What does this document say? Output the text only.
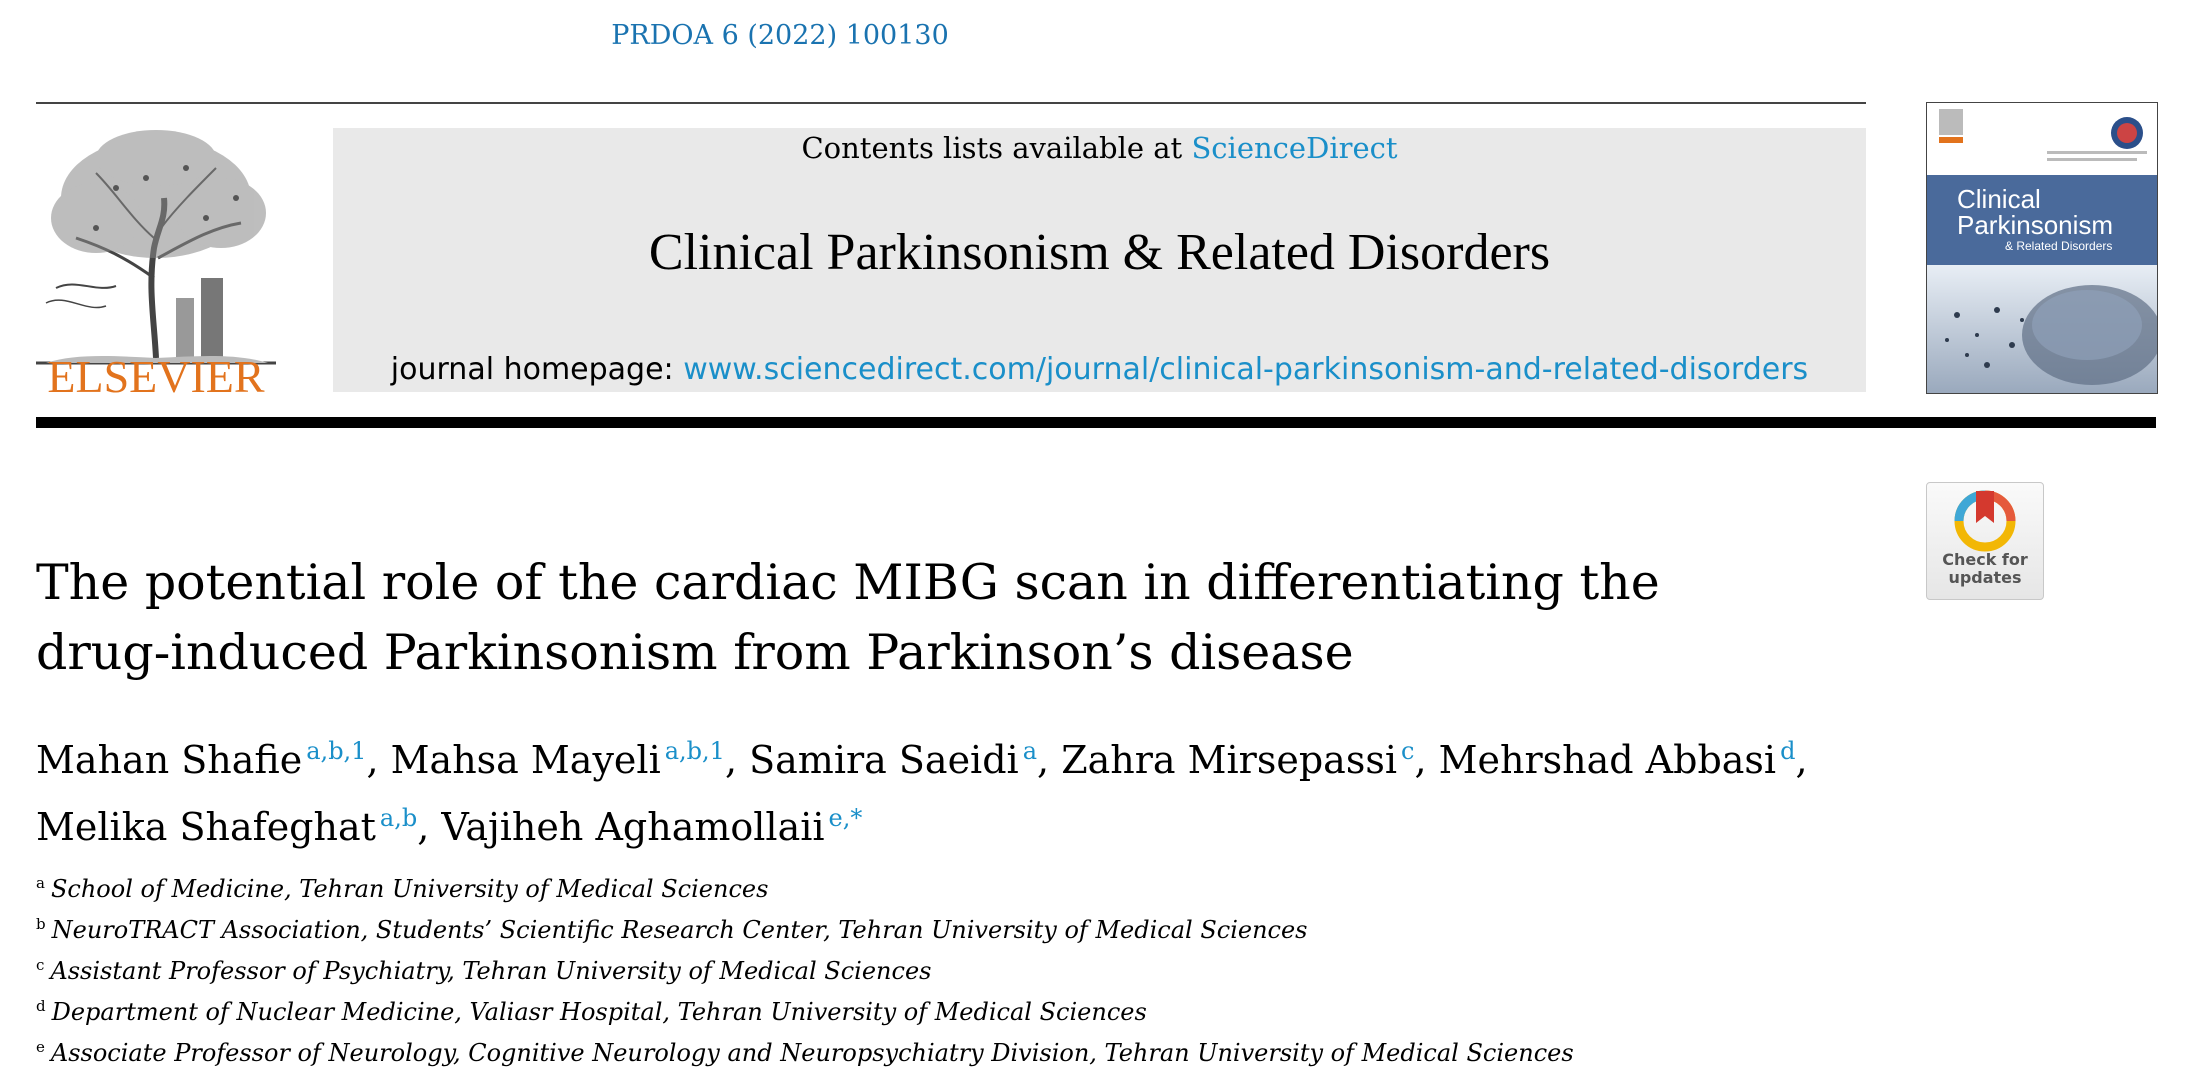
PRDOA 6 (2022) 100130
ELSEVIER
Contents lists available at ScienceDirect
Clinical Parkinsonism & Related Disorders
journal homepage: www.sciencedirect.com/journal/clinical-parkinsonism-and-related-disorders
Clinical
Parkinsonism
& Related Disorders
Check for
updates
The potential role of the cardiac MIBG scan in differentiating the
drug-induced Parkinsonism from Parkinson’s disease
Mahan Shafie $^{a,b,1}$, Mahsa Mayeli $^{a,b,1}$, Samira Saeidi $^a$, Zahra Mirsepassi $^c$, Mehrshad Abbasi $^d$,
Melika Shafeghat $^{a,b}$, Vajiheh Aghamollaii $^{e,*}$
$^a$ School of Medicine, Tehran University of Medical Sciences
$^b$ NeuroTRACT Association, Students’ Scientific Research Center, Tehran University of Medical Sciences
$^c$ Assistant Professor of Psychiatry, Tehran University of Medical Sciences
$^d$ Department of Nuclear Medicine, Valiasr Hospital, Tehran University of Medical Sciences
$^e$ Associate Professor of Neurology, Cognitive Neurology and Neuropsychiatry Division, Tehran University of Medical Sciences
